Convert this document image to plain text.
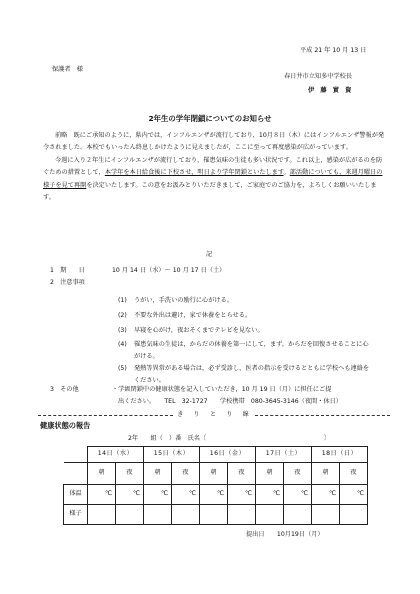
平成 21 年 10 月 13 日
保護者　様
春日井市立知多中学校長
伊　藤　實　資
2年生の学年閉鎖についてのお知らせ

前略　既にご承知のように，県内では，インフルエンザが流行しており，10月８日（木）にはインフルエンザ警報が発令されました。本校でもいったん終息しかけたように見えましたが，ここに至って再度感染が広がっています。

今週に入り２年生にインフルエンザが流行しており，罹患気味の生徒も多い状況です。これ以上，感染が広がるのを防ぐための措置として，本学年を本日給食後に下校させ，明日より学年閉鎖といたします。部活動についても，来週月曜日の様子を見て再開を決定いたします。この意をお汲みとりいただきまして，ご家庭でのご協力を，よろしくお願いいたします。

記
1　期　　日	10 月 14 日（水）～ 10 月 17 日（土）
2　注意事項
(1) うがい，手洗いの励行に心がける。
(2) 不要な外出は避け，家で休養をとらせる。
(3) 早寝を心がけ，夜おそくまでテレビを見ない。
(4) 罹患気味の生徒は，からだの休養を第一にして，まず，からだを回復させることに心がける。
(5) 発熱等異常がある場合は，必ず受診し，医者の指示を受けるとともに学校へも連絡をください。
3　その他	・学級閉鎖中の健康状態を記入していただき，10 月 19 日（月）に担任にご提
出ください。　　TEL　32-1727　　学校携帯　080-3645-3146（夜間・休日）
き　り　と　り　線
健康状態の報告
2年　　組（　）番　氏名〔　　　　　　　　　　　　　　　　　　　〕
	14日（水）		15日（木）		16日（金）		17日（土）		18日（日）	
	朝	夜	朝	夜	朝	夜	朝	夜	朝	夜
体温	℃	℃	℃	℃	℃	℃	℃	℃	℃	℃
様子										
提出日　　10月19日（月）
